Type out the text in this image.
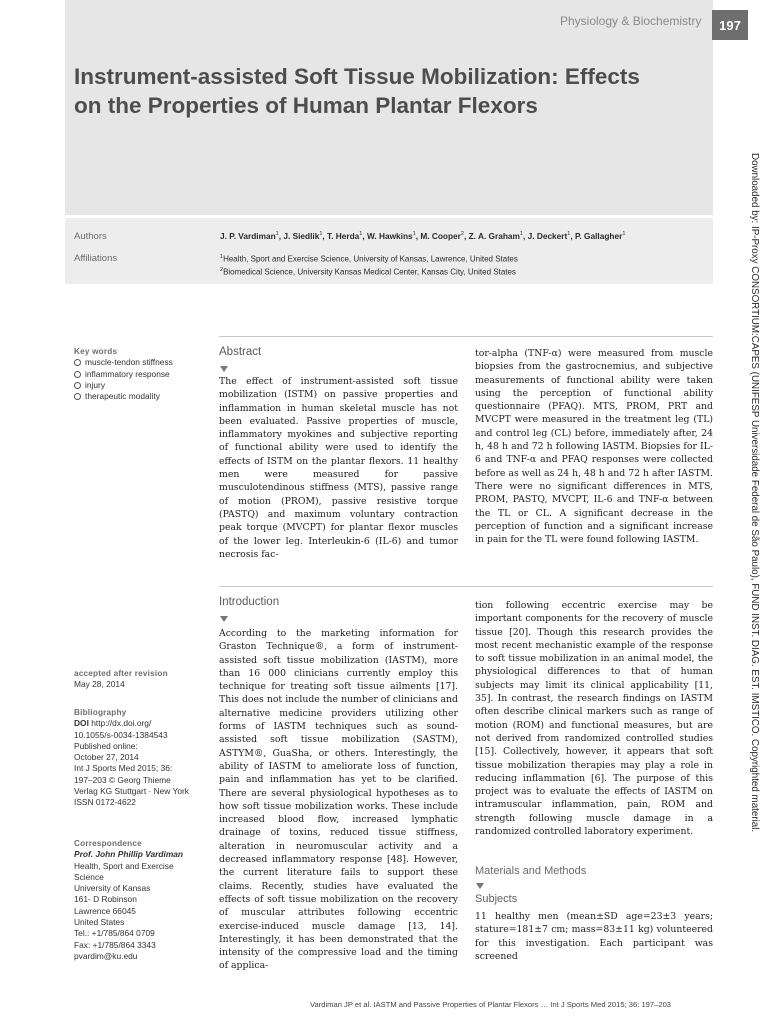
Physiology & Biochemistry	197
Instrument-assisted Soft Tissue Mobilization: Effects
on the Properties of Human Plantar Flexors
Authors
Affiliations
J. P. Vardiman$^1$, J. Siedlik$^1$, T. Herda$^1$, W. Hawkins$^1$, M. Cooper$^2$, Z. A. Graham$^1$, J. Deckert$^1$, P. Gallagher$^1$
$^1$Health, Sport and Exercise Science, University of Kansas, Lawrence, United States
$^2$Biomedical Science, University Kansas Medical Center, Kansas City, United States	Downloaded by: IP-Proxy CONSORTIUM:CAPES (UNIFESP Universidade Federal de São Paulo), FUND INST. DIAG. EST. IMSTICO. Copyrighted material.
Key words
muscle-tendon stiffness
inflammatory response
injury
therapeutic modality
accepted after revision
May 28, 2014
Bibliography
DOI http://dx.doi.org/
10.1055/s-0034-1384543
Published online:
October 27, 2014
Int J Sports Med 2015; 36:
197–203 © Georg Thieme
Verlag KG Stuttgart · New York
ISSN 0172-4622
Correspondence
Prof. John Phillip Vardiman
Health, Sport and Exercise
Science
University of Kansas
161- D Robinson
Lawrence 66045
United States
Tel.: +1/785/864 0709
Fax: +1/785/864 3343
pvardim@ku.edu
Abstract
The effect of instrument-assisted soft tissue mobilization (ISTM) on passive properties and inflammation in human skeletal muscle has not been evaluated. Passive properties of muscle, inflammatory myokines and subjective reporting of functional ability were used to identify the effects of ISTM on the plantar flexors. 11 healthy men were measured for passive musculotendinous stiffness (MTS), passive range of motion (PROM), passive resistive torque (PASTQ) and maximum voluntary contraction peak torque (MVCPT) for plantar flexor muscles of the lower leg. Interleukin-6 (IL-6) and tumor necrosis fac-
tor-alpha (TNF-α) were measured from muscle biopsies from the gastrocnemius, and subjective measurements of functional ability were taken using the perception of functional ability questionnaire (PFAQ). MTS, PROM, PRT and MVCPT were measured in the treatment leg (TL) and control leg (CL) before, immediately after, 24 h, 48 h and 72 h following IASTM. Biopsies for IL-6 and TNF-α and PFAQ responses were collected before as well as 24 h, 48 h and 72 h after IASTM. There were no significant differences in MTS, PROM, PASTQ, MVCPT, IL-6 and TNF-α between the TL or CL. A significant decrease in the perception of function and a significant increase in pain for the TL were found following IASTM.
Introduction
According to the marketing information for Graston Technique®, a form of instrument-assisted soft tissue mobilization (IASTM), more than 16 000 clinicians currently employ this technique for treating soft tissue ailments [17]. This does not include the number of clinicians and alternative medicine providers utilizing other forms of IASTM techniques such as sound-assisted soft tissue mobilization (SASTM), ASTYM®, GuaSha, or others. Interestingly, the ability of IASTM to ameliorate loss of function, pain and inflammation has yet to be clarified. There are several physiological hypotheses as to how soft tissue mobilization works. These include increased blood flow, increased lymphatic drainage of toxins, reduced tissue stiffness, alteration in neuromuscular activity and a decreased inflammatory response [48]. However, the current literature fails to support these claims. Recently, studies have evaluated the effects of soft tissue mobilization on the recovery of muscular attributes following eccentric exercise-induced muscle damage [13, 14]. Interestingly, it has been demonstrated that the intensity of the compressive load and the timing of applica-
tion following eccentric exercise may be important components for the recovery of muscle tissue [20]. Though this research provides the most recent mechanistic example of the response to soft tissue mobilization in an animal model, the physiological differences to that of human subjects may limit its clinical applicability [11, 35]. In contrast, the research findings on IASTM often describe clinical markers such as range of motion (ROM) and functional measures, but are not derived from randomized controlled studies [15]. Collectively, however, it appears that soft tissue mobilization therapies may play a role in reducing inflammation [6]. The purpose of this project was to evaluate the effects of IASTM on intramuscular inflammation, pain, ROM and strength following muscle damage in a randomized controlled laboratory experiment.
Materials and Methods
Subjects
11 healthy men (mean±SD age=23±3 years; stature=181±7 cm; mass=83±11 kg) volunteered for this investigation. Each participant was screened
Vardiman JP et al. IASTM and Passive Properties of Plantar Flexors … Int J Sports Med 2015; 36: 197–203
